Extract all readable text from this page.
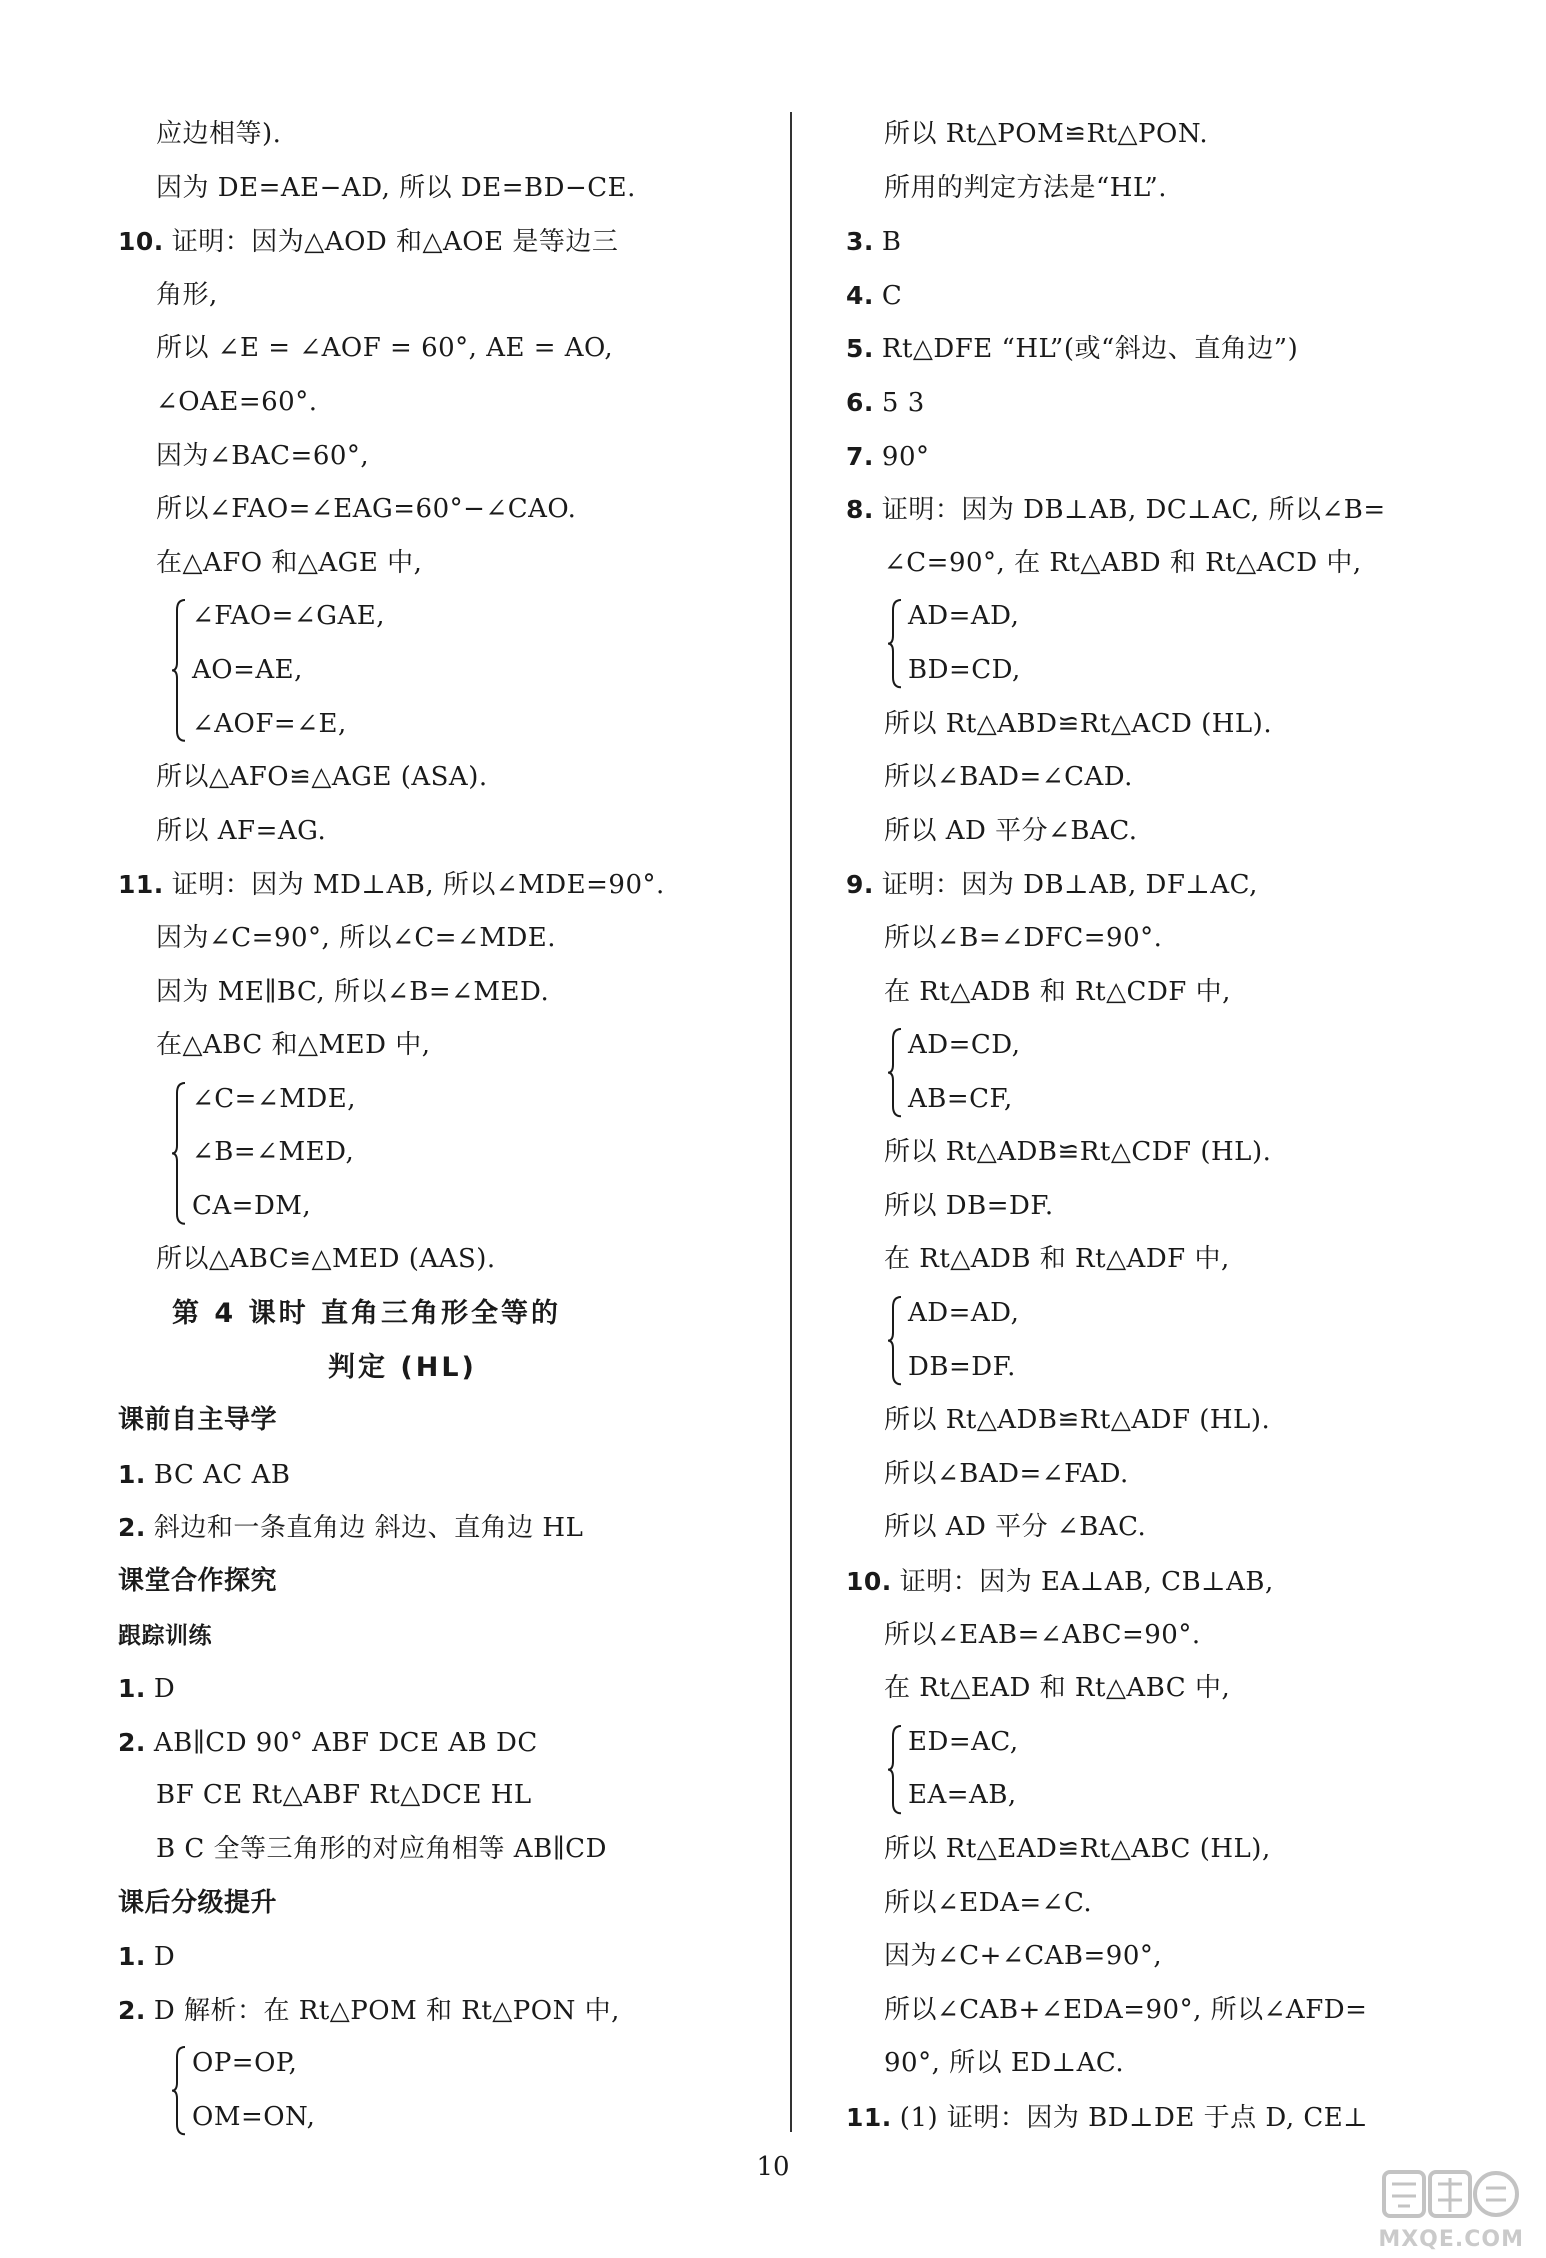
应边相等).
因为 DE=AE−AD, 所以 DE=BD−CE.
10. 证明：因为△AOD 和△AOE 是等边三
角形,
所以 ∠E = ∠AOF = 60°, AE = AO,
∠OAE=60°.
因为∠BAC=60°,
所以∠FAO=∠EAG=60°−∠CAO.
在△AFO 和△AGE 中,
∠FAO=∠GAE,
AO=AE,
∠AOF=∠E,
所以△AFO≌△AGE (ASA).
所以 AF=AG.
11. 证明：因为 MD⊥AB, 所以∠MDE=90°.
因为∠C=90°, 所以∠C=∠MDE.
因为 ME∥BC, 所以∠B=∠MED.
在△ABC 和△MED 中,
∠C=∠MDE,
∠B=∠MED,
CA=DM,
所以△ABC≌△MED (AAS).
第 4 课时 直角三角形全等的
判定 (HL)
课前自主导学
1. BC AC AB
2. 斜边和一条直角边 斜边、直角边 HL
课堂合作探究
跟踪训练
1. D
2. AB∥CD 90° ABF DCE AB DC
BF CE Rt△ABF Rt△DCE HL
B C 全等三角形的对应角相等 AB∥CD
课后分级提升
1. D
2. D 解析：在 Rt△POM 和 Rt△PON 中,
OP=OP,
OM=ON,
所以 Rt△POM≌Rt△PON.
所用的判定方法是“HL”.
3. B
4. C
5. Rt△DFE “HL”(或“斜边、直角边”)
6. 5 3
7. 90°
8. 证明：因为 DB⊥AB, DC⊥AC, 所以∠B=
∠C=90°, 在 Rt△ABD 和 Rt△ACD 中,
AD=AD,
BD=CD,
所以 Rt△ABD≌Rt△ACD (HL).
所以∠BAD=∠CAD.
所以 AD 平分∠BAC.
9. 证明：因为 DB⊥AB, DF⊥AC,
所以∠B=∠DFC=90°.
在 Rt△ADB 和 Rt△CDF 中,
AD=CD,
AB=CF,
所以 Rt△ADB≌Rt△CDF (HL).
所以 DB=DF.
在 Rt△ADB 和 Rt△ADF 中,
AD=AD,
DB=DF.
所以 Rt△ADB≌Rt△ADF (HL).
所以∠BAD=∠FAD.
所以 AD 平分 ∠BAC.
10. 证明：因为 EA⊥AB, CB⊥AB,
所以∠EAB=∠ABC=90°.
在 Rt△EAD 和 Rt△ABC 中,
ED=AC,
EA=AB,
所以 Rt△EAD≌Rt△ABC (HL),
所以∠EDA=∠C.
因为∠C+∠CAB=90°,
所以∠CAB+∠EDA=90°, 所以∠AFD=
90°, 所以 ED⊥AC.
11. (1) 证明：因为 BD⊥DE 于点 D, CE⊥
10
MXQE.COM
